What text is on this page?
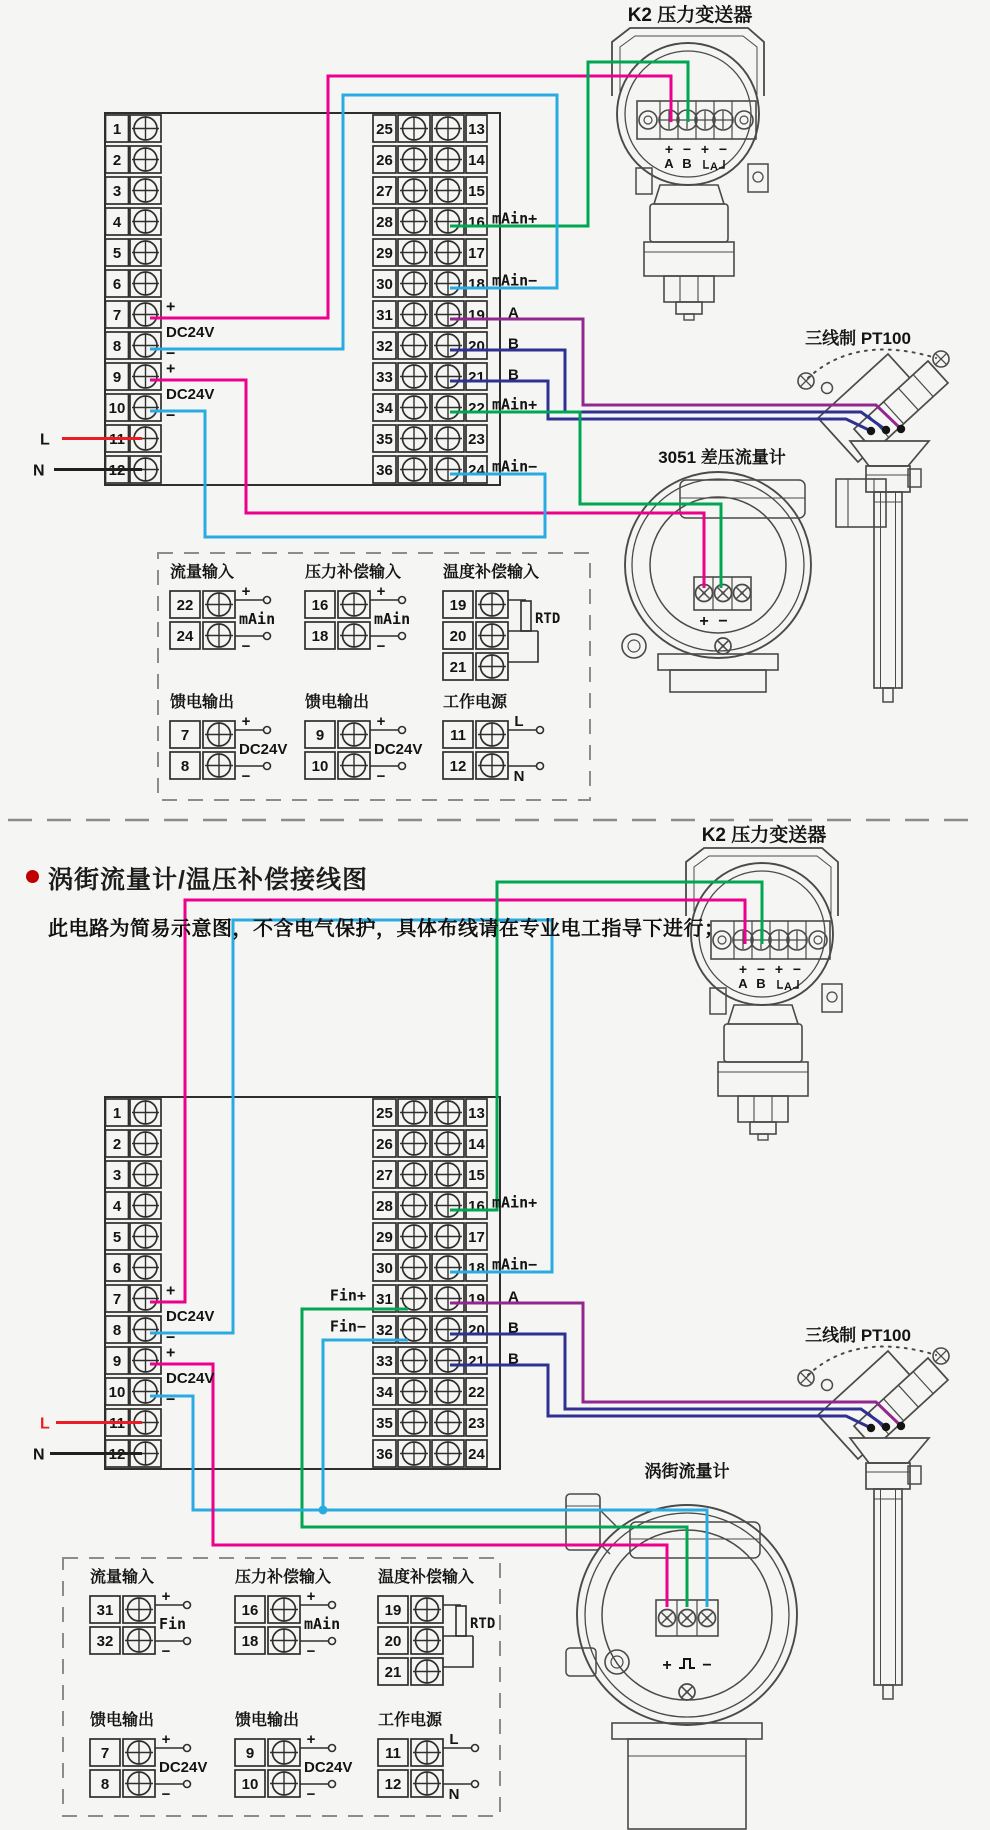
1	25	13
2	26	14
3	27	15
4	28	16
5	29	17
6	30	18
7	31	19
8	32	20
9	33	21
10	34	22
11	35	23
12	36	24
流量输入
22
24
+
−
mAin
压力补偿输入
16
18
+
−
mAin
温度补偿输入
19
20
21
RTD
馈电输出
7
8
+
−
DC24V
馈电输出
9
10
+
−
DC24V
工作电源
11
12
L
N
K2 压力变送器
+ − + −
A B A
三线制 PT100
3051 差压流量计
+ −
+
DC24V
−
+
DC24V
−
L
N
mAin+
mAin−
A
B
B
mAin+
mAin−
1	25	13
2	26	14
3	27	15
4	28	16
5	29	17
6	30	18
7	31	19
8	32	20
9	33	21
10	34	22
11	35	23
12	36	24
流量输入
31
32
+
−
Fin
压力补偿输入
16
18
+
−
mAin
温度补偿输入
19
20
21
RTD
馈电输出
7
8
+
−
DC24V
馈电输出
9
10
+
−
DC24V
工作电源
11
12
L
N
K2 压力变送器
+ − + −
A B A
三线制 PT100
涡街流量计
+ −
+
DC24V
−
+
DC24V
−
L
N
mAin+
mAin−
A
B
B
Fin+
Fin−
涡街流量计/温压补偿接线图
此电路为简易示意图，不含电气保护，具体布线请在专业电工指导下进行；
